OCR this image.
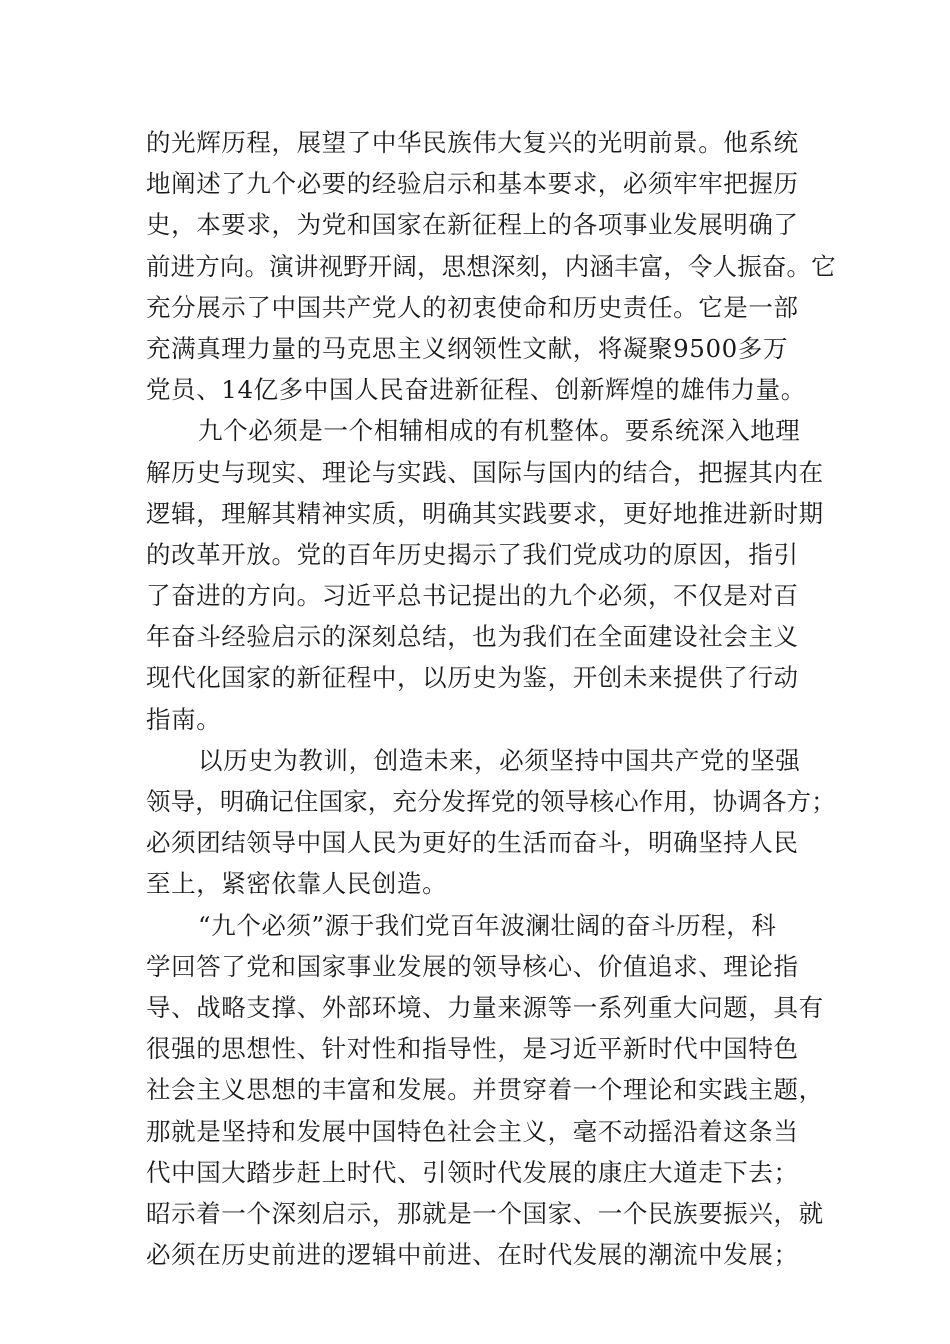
的光辉历程，展望了中华民族伟大复兴的光明前景。他系统
地阐述了九个必要的经验启示和基本要求，必须牢牢把握历
史，本要求，为党和国家在新征程上的各项事业发展明确了
前进方向。演讲视野开阔，思想深刻，内涵丰富，令人振奋。它
充分展示了中国共产党人的初衷使命和历史责任。它是一部
充满真理力量的马克思主义纲领性文献，将凝聚9500多万
党员、14亿多中国人民奋进新征程、创新辉煌的雄伟力量。
九个必须是一个相辅相成的有机整体。要系统深入地理
解历史与现实、理论与实践、国际与国内的结合，把握其内在
逻辑，理解其精神实质，明确其实践要求，更好地推进新时期
的改革开放。党的百年历史揭示了我们党成功的原因，指引
了奋进的方向。习近平总书记提出的九个必须，不仅是对百
年奋斗经验启示的深刻总结，也为我们在全面建设社会主义
现代化国家的新征程中，以历史为鉴，开创未来提供了行动
指南。
以历史为教训，创造未来，必须坚持中国共产党的坚强
领导，明确记住国家，充分发挥党的领导核心作用，协调各方；
必须团结领导中国人民为更好的生活而奋斗，明确坚持人民
至上，紧密依靠人民创造。
“九个必须”源于我们党百年波澜壮阔的奋斗历程，科
学回答了党和国家事业发展的领导核心、价值追求、理论指
导、战略支撑、外部环境、力量来源等一系列重大问题，具有
很强的思想性、针对性和指导性，是习近平新时代中国特色
社会主义思想的丰富和发展。并贯穿着一个理论和实践主题，
那就是坚持和发展中国特色社会主义，毫不动摇沿着这条当
代中国大踏步赶上时代、引领时代发展的康庄大道走下去；
昭示着一个深刻启示，那就是一个国家、一个民族要振兴，就
必须在历史前进的逻辑中前进、在时代发展的潮流中发展；
